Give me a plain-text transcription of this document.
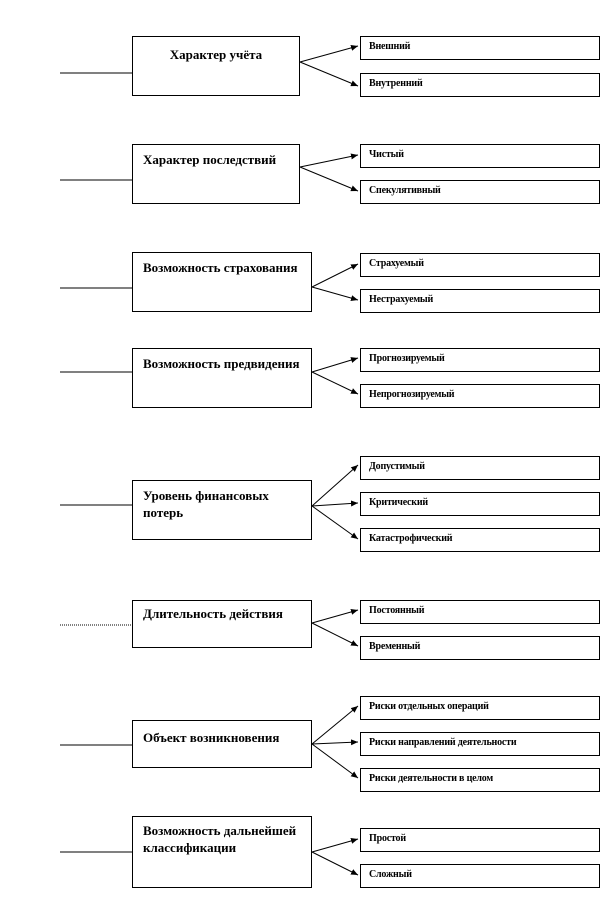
Характер учёта
Внешний
Внутренний
Характер последствий	Чистый
Спекулятивный
Возможность страхования	Страхуемый
Нестрахуемый
Возможность предвидения	Прогнозируемый
Непрогнозируемый
Уровень финансовых потерь
Допустимый
Критический
Катастрофический
Длительность действия	Постоянный
Временный
Объект возникновения
Риски отдельных операций
Риски направлений деятельности
Риски деятельности в целом
Возможность дальнейшей классификации
Простой
Сложный
